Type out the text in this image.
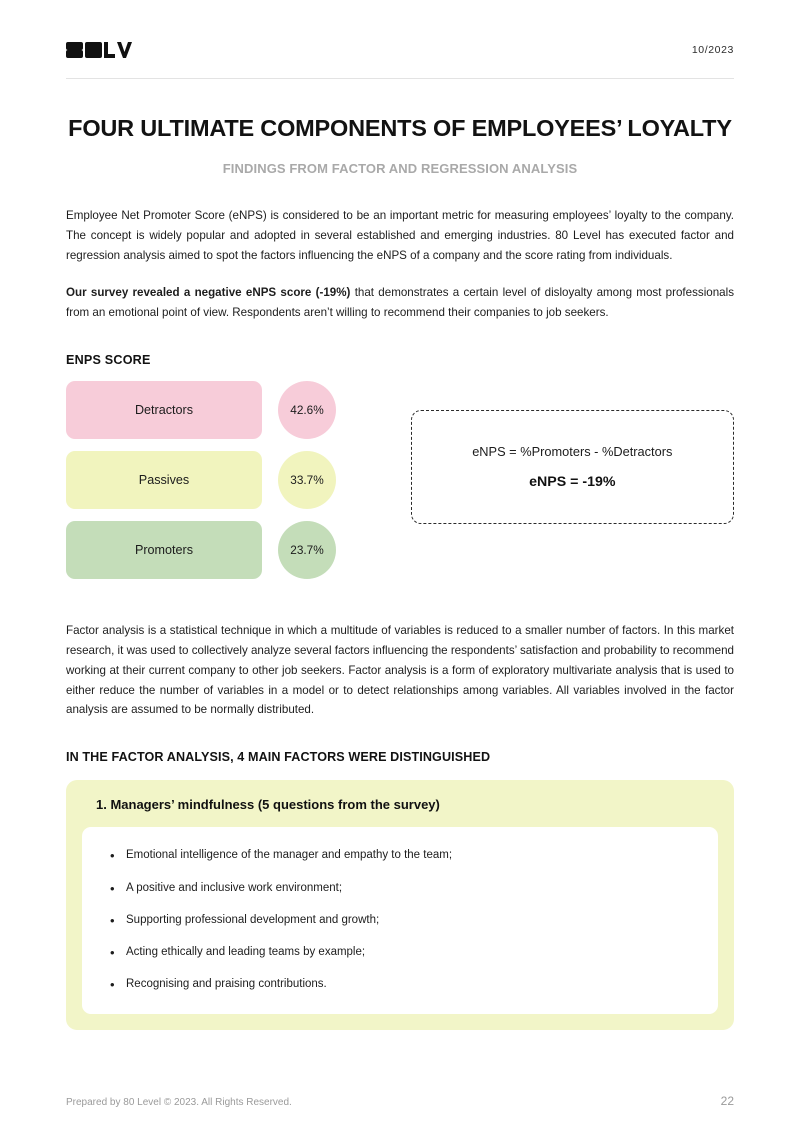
10/2023
FOUR ULTIMATE COMPONENTS OF EMPLOYEES’ LOYALTY
FINDINGS FROM FACTOR AND REGRESSION ANALYSIS
Employee Net Promoter Score (eNPS) is considered to be an important metric for measuring employees’ loyalty to the company. The concept is widely popular and adopted in several established and emerging industries. 80 Level has executed factor and regression analysis aimed to spot the factors influencing the eNPS of a company and the score rating from individuals.
Our survey revealed a negative eNPS score (-19%) that demonstrates a certain level of disloyalty among most professionals from an emotional point of view. Respondents aren’t willing to recommend their companies to job seekers.
ENPS SCORE
Detractors	42.6%
Passives	33.7%
Promoters	23.7%
eNPS = %Promoters - %Detractors
eNPS = -19%
Factor analysis is a statistical technique in which a multitude of variables is reduced to a smaller number of factors. In this market research, it was used to collectively analyze several factors influencing the respondents’ satisfaction and probability to recommend working at their current company to other job seekers. Factor analysis is a form of exploratory multivariate analysis that is used to either reduce the number of variables in a model or to detect relationships among variables. All variables involved in the factor analysis are assumed to be normally distributed.
IN THE FACTOR ANALYSIS, 4 MAIN FACTORS WERE DISTINGUISHED
1. Managers’ mindfulness (5 questions from the survey)
• Emotional intelligence of the manager and empathy to the team;
• A positive and inclusive work environment;
• Supporting professional development and growth;
• Acting ethically and leading teams by example;
• Recognising and praising contributions.
Prepared by 80 Level © 2023. All Rights Reserved.	22
